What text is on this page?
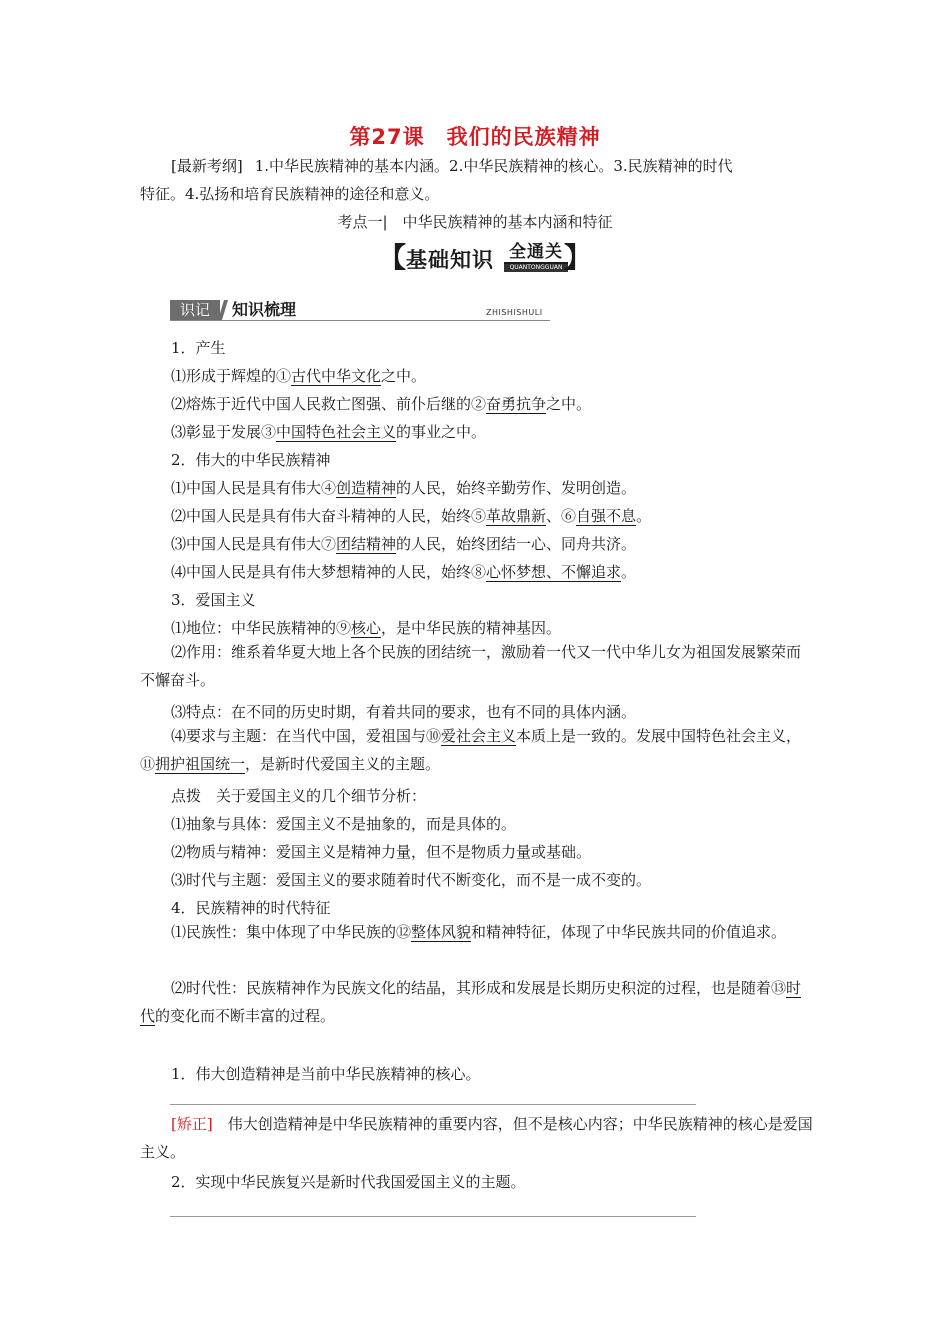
第27课 我们的民族精神
[最新考纲] 1.中华民族精神的基本内涵。2.中华民族精神的核心。3.民族精神的时代
特征。4.弘扬和培育民族精神的途径和意义。
考点一|　中华民族精神的基本内涵和特征
【 基础知识 全通关
QUANTONGGUAN 】
识记	知识梳理	ZHISHISHULI
1．产生
⑴形成于辉煌的①古代中华文化之中。
⑵熔炼于近代中国人民救亡图强、前仆后继的②奋勇抗争之中。
⑶彰显于发展③中国特色社会主义的事业之中。
2．伟大的中华民族精神
⑴中国人民是具有伟大④创造精神的人民，始终辛勤劳作、发明创造。
⑵中国人民是具有伟大奋斗精神的人民，始终⑤革故鼎新、⑥自强不息。
⑶中国人民是具有伟大⑦团结精神的人民，始终团结一心、同舟共济。
⑷中国人民是具有伟大梦想精神的人民，始终⑧心怀梦想、不懈追求。
3．爱国主义
⑴地位：中华民族精神的⑨核心，是中华民族的精神基因。
⑵作用：维系着华夏大地上各个民族的团结统一，激励着一代又一代中华儿女为祖国发展繁荣而不懈奋斗。
⑶特点：在不同的历史时期，有着共同的要求，也有不同的具体内涵。
⑷要求与主题：在当代中国，爱祖国与⑩爱社会主义本质上是一致的。发展中国特色社会主义，⑪拥护祖国统一，是新时代爱国主义的主题。
点拨　关于爱国主义的几个细节分析：
⑴抽象与具体：爱国主义不是抽象的，而是具体的。
⑵物质与精神：爱国主义是精神力量，但不是物质力量或基础。
⑶时代与主题：爱国主义的要求随着时代不断变化，而不是一成不变的。
4．民族精神的时代特征
⑴民族性：集中体现了中华民族的⑫整体风貌和精神特征，体现了中华民族共同的价值追求。
⑵时代性：民族精神作为民族文化的结晶，其形成和发展是长期历史积淀的过程，也是随着⑬时代的变化而不断丰富的过程。
1．伟大创造精神是当前中华民族精神的核心。
[矫正]　伟大创造精神是中华民族精神的重要内容，但不是核心内容；中华民族精神的核心是爱国主义。
2．实现中华民族复兴是新时代我国爱国主义的主题。
